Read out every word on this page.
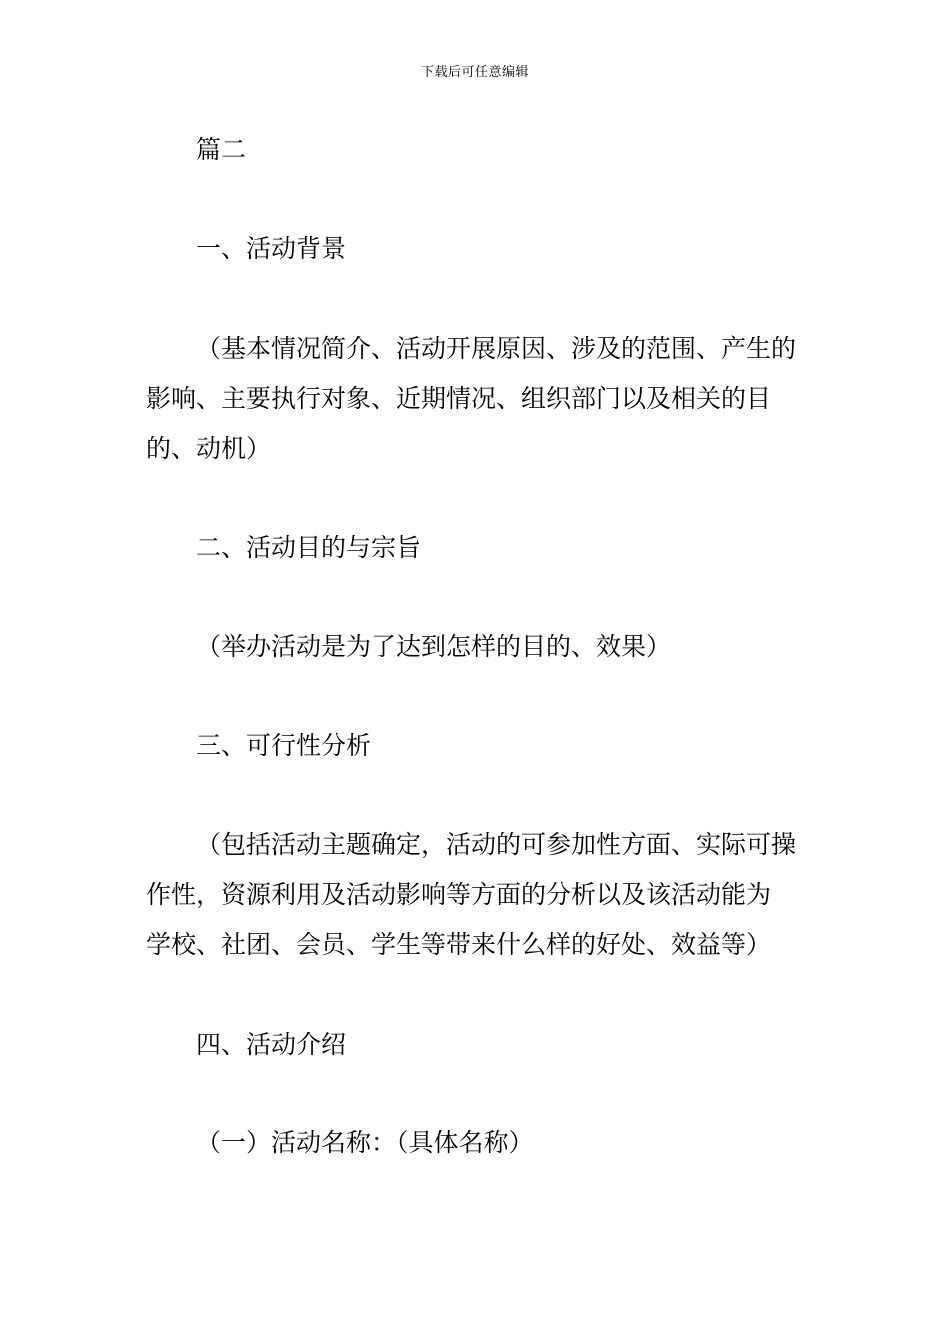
下载后可任意编辑
篇二
一、活动背景
（基本情况简介、活动开展原因、涉及的范围、产生的
影响、主要执行对象、近期情况、组织部门以及相关的目
的、动机）
二、活动目的与宗旨
（举办活动是为了达到怎样的目的、效果）
三、可行性分析
（包括活动主题确定，活动的可参加性方面、实际可操
作性，资源利用及活动影响等方面的分析以及该活动能为
学校、社团、会员、学生等带来什么样的好处、效益等）
四、活动介绍
（一）活动名称：（具体名称）
